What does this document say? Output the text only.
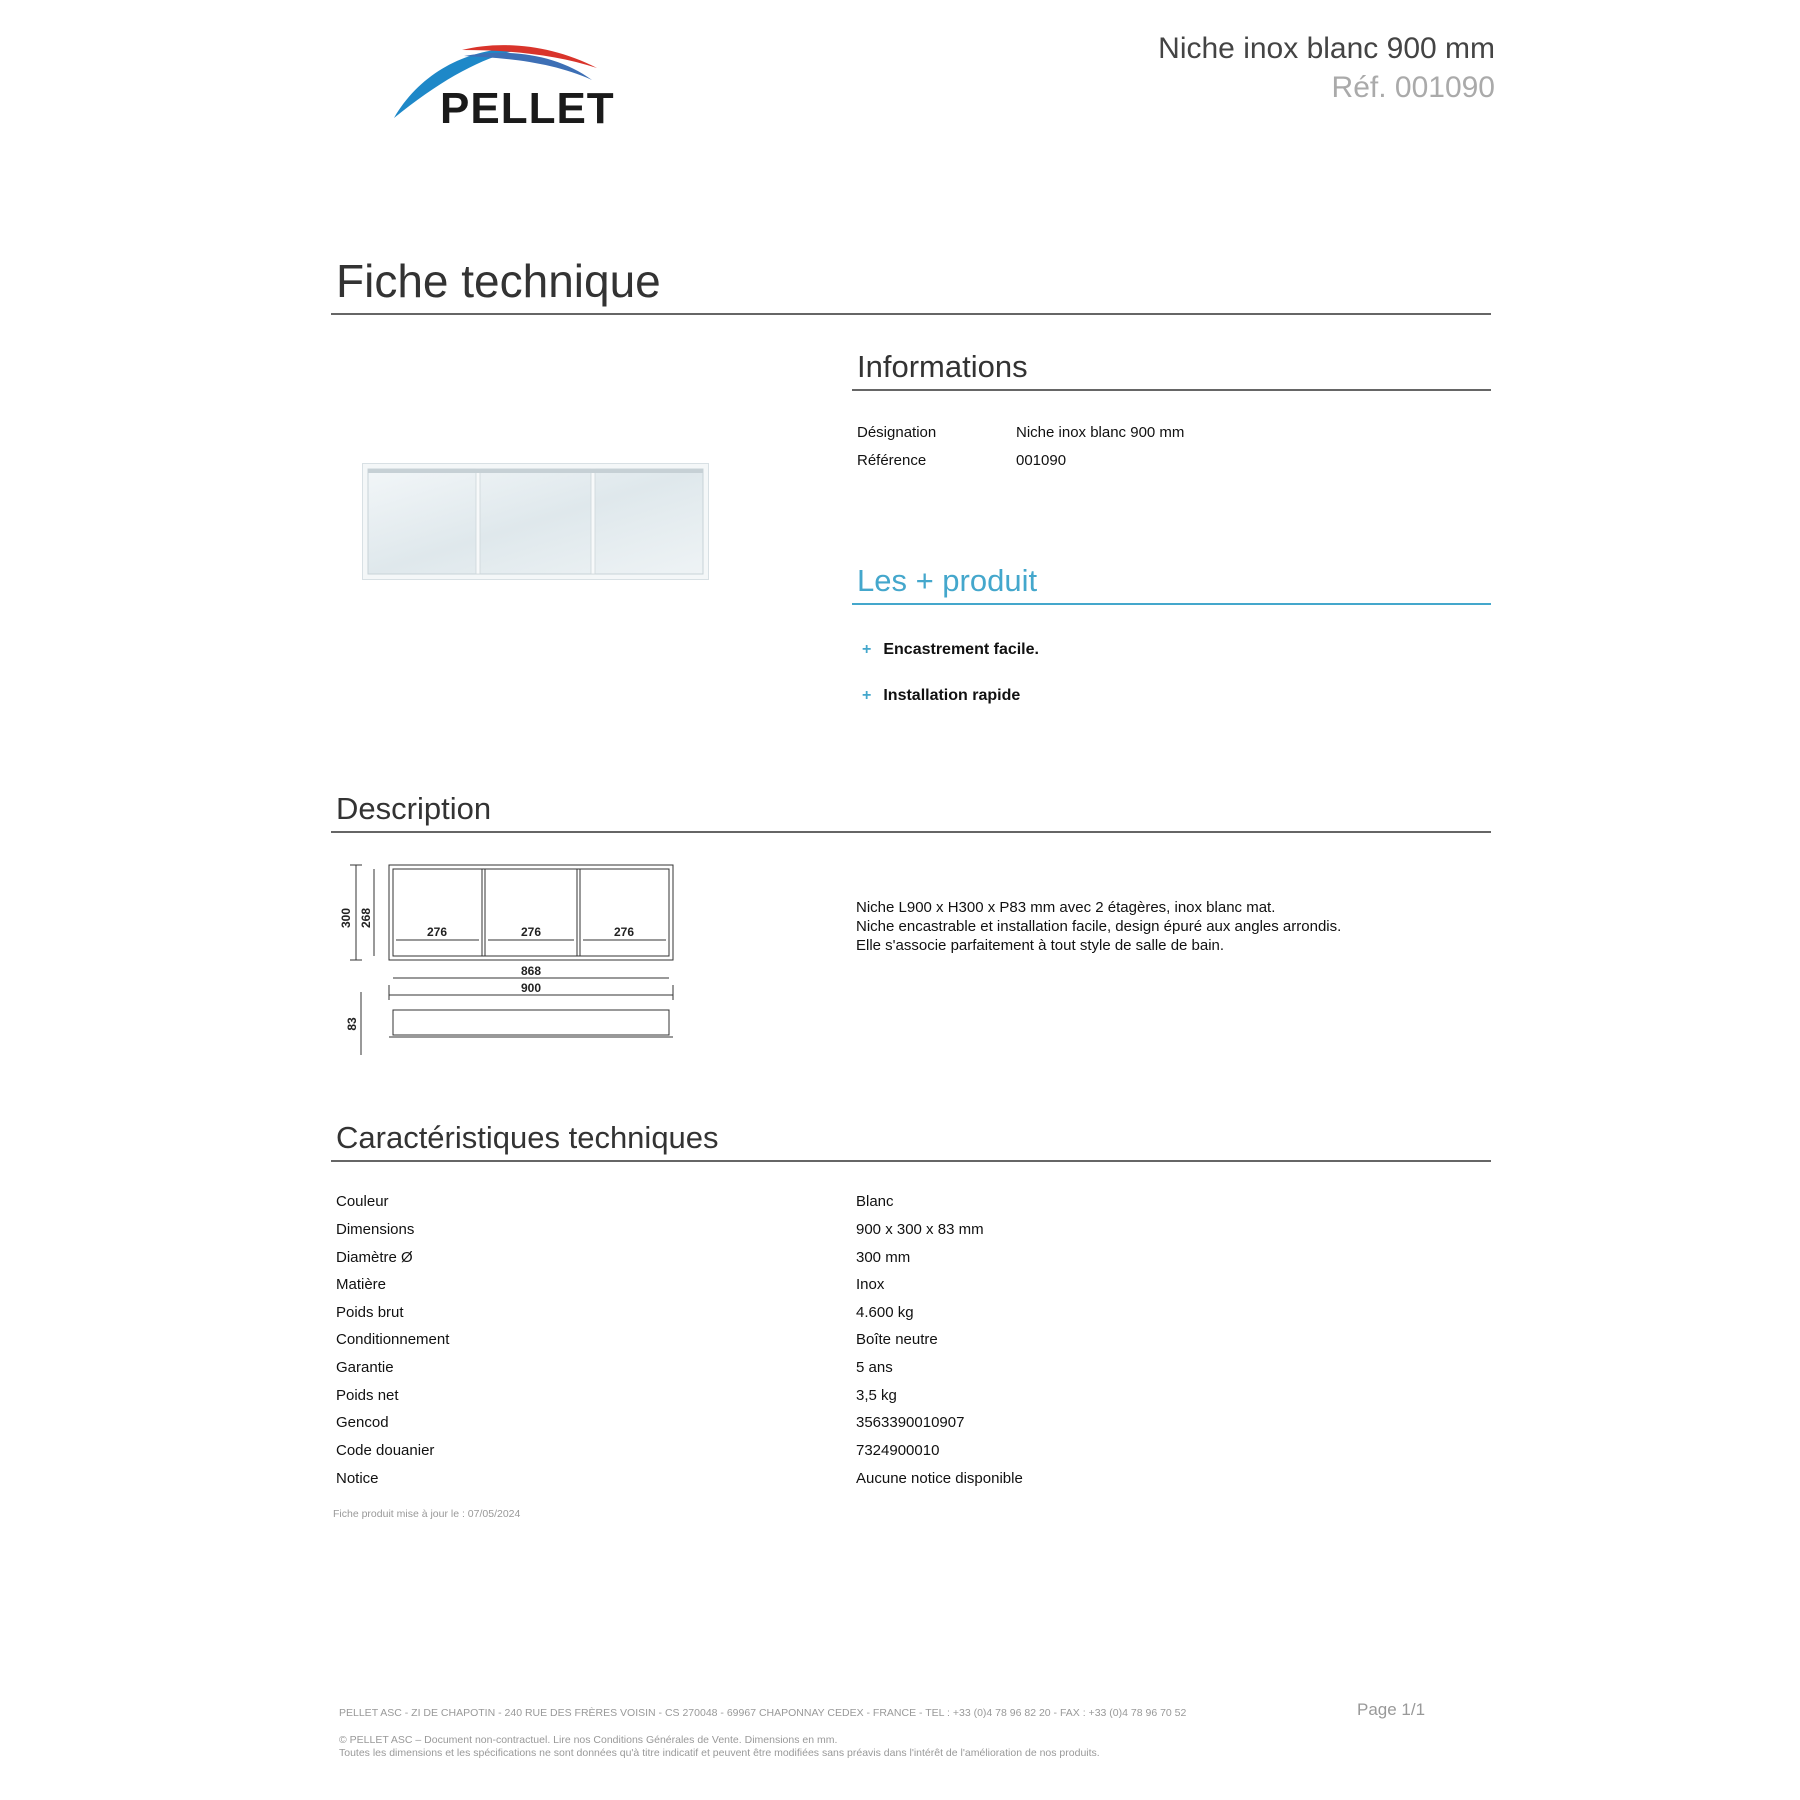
PELLET
Niche inox blanc 900 mm
Réf. 001090
Fiche technique
Informations
Désignation	Niche inox blanc 900 mm
Référence	001090
Les + produit
+ Encastrement facile.
+ Installation rapide
Description
300 268
276	276	276
868
900
83
Niche L900 x H300 x P83 mm avec 2 étagères, inox blanc mat.
Niche encastrable et installation facile, design épuré aux angles arrondis.
Elle s'associe parfaitement à tout style de salle de bain.
Caractéristiques techniques
Couleur	Blanc
Dimensions	900 x 300 x 83 mm
Diamètre Ø	300 mm
Matière	Inox
Poids brut	4.600 kg
Conditionnement	Boîte neutre
Garantie	5 ans
Poids net	3,5 kg
Gencod	3563390010907
Code douanier	7324900010
Notice	Aucune notice disponible
Fiche produit mise à jour le : 07/05/2024
PELLET ASC - ZI DE CHAPOTIN - 240 RUE DES FRÈRES VOISIN - CS 270048 - 69967 CHAPONNAY CEDEX - FRANCE - TEL : +33 (0)4 78 96 82 20 - FAX : +33 (0)4 78 96 70 52	Page 1/1
© PELLET ASC – Document non-contractuel. Lire nos Conditions Générales de Vente. Dimensions en mm.
Toutes les dimensions et les spécifications ne sont données qu'à titre indicatif et peuvent être modifiées sans préavis dans l'intérêt de l'amélioration de nos produits.
